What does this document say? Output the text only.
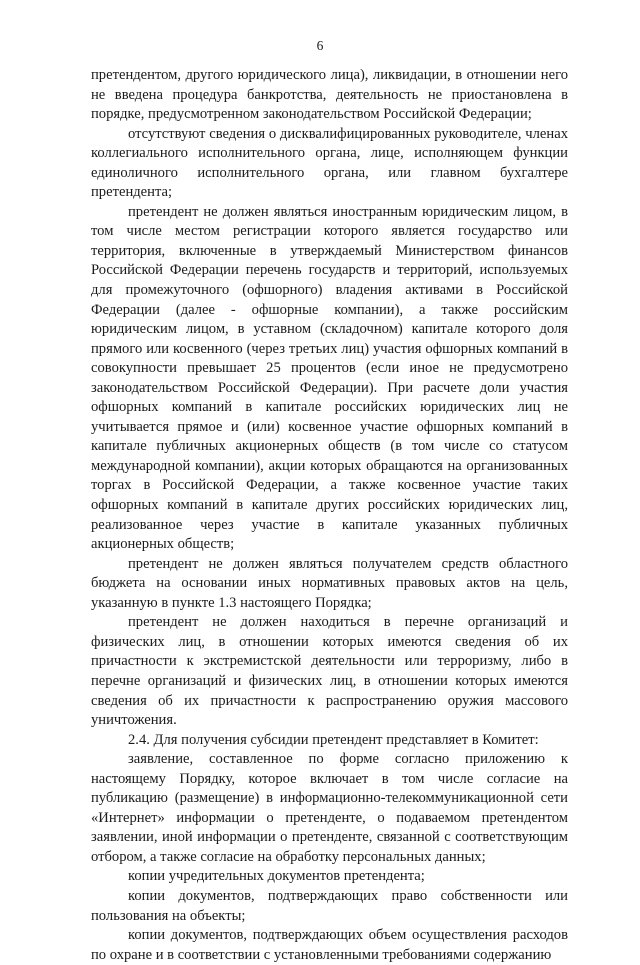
6

претендентом, другого юридического лица), ликвидации, в отношении него не введена процедура банкротства, деятельность не приостановлена в порядке, предусмотренном законодательством Российской Федерации;

отсутствуют сведения о дисквалифицированных руководителе, членах коллегиального исполнительного органа, лице, исполняющем функции единоличного исполнительного органа, или главном бухгалтере претендента;

претендент не должен являться иностранным юридическим лицом, в том числе местом регистрации которого является государство или территория, включенные в утверждаемый Министерством финансов Российской Федерации перечень государств и территорий, используемых для промежуточного (офшорного) владения активами в Российской Федерации (далее - офшорные компании), а также российским юридическим лицом, в уставном (складочном) капитале которого доля прямого или косвенного (через третьих лиц) участия офшорных компаний в совокупности превышает 25 процентов (если иное не предусмотрено законодательством Российской Федерации). При расчете доли участия офшорных компаний в капитале российских юридических лиц не учитывается прямое и (или) косвенное участие офшорных компаний в капитале публичных акционерных обществ (в том числе со статусом международной компании), акции которых обращаются на организованных торгах в Российской Федерации, а также косвенное участие таких офшорных компаний в капитале других российских юридических лиц, реализованное через участие в капитале указанных публичных акционерных обществ;

претендент не должен являться получателем средств областного бюджета на основании иных нормативных правовых актов на цель, указанную в пункте 1.3 настоящего Порядка;

претендент не должен находиться в перечне организаций и физических лиц, в отношении которых имеются сведения об их причастности к экстремистской деятельности или терроризму, либо в перечне организаций и физических лиц, в отношении которых имеются сведения об их причастности к распространению оружия массового уничтожения.

2.4. Для получения субсидии претендент представляет в Комитет:

заявление, составленное по форме согласно приложению к настоящему Порядку, которое включает в том числе согласие на публикацию (размещение) в информационно-телекоммуникационной сети «Интернет» информации о претенденте, о подаваемом претендентом заявлении, иной информации о претенденте, связанной с соответствующим отбором, а также согласие на обработку персональных данных;

копии учредительных документов претендента;

копии документов, подтверждающих право собственности или пользования на объекты;

копии документов, подтверждающих объем осуществления расходов по охране и в соответствии с установленными требованиями содержанию
